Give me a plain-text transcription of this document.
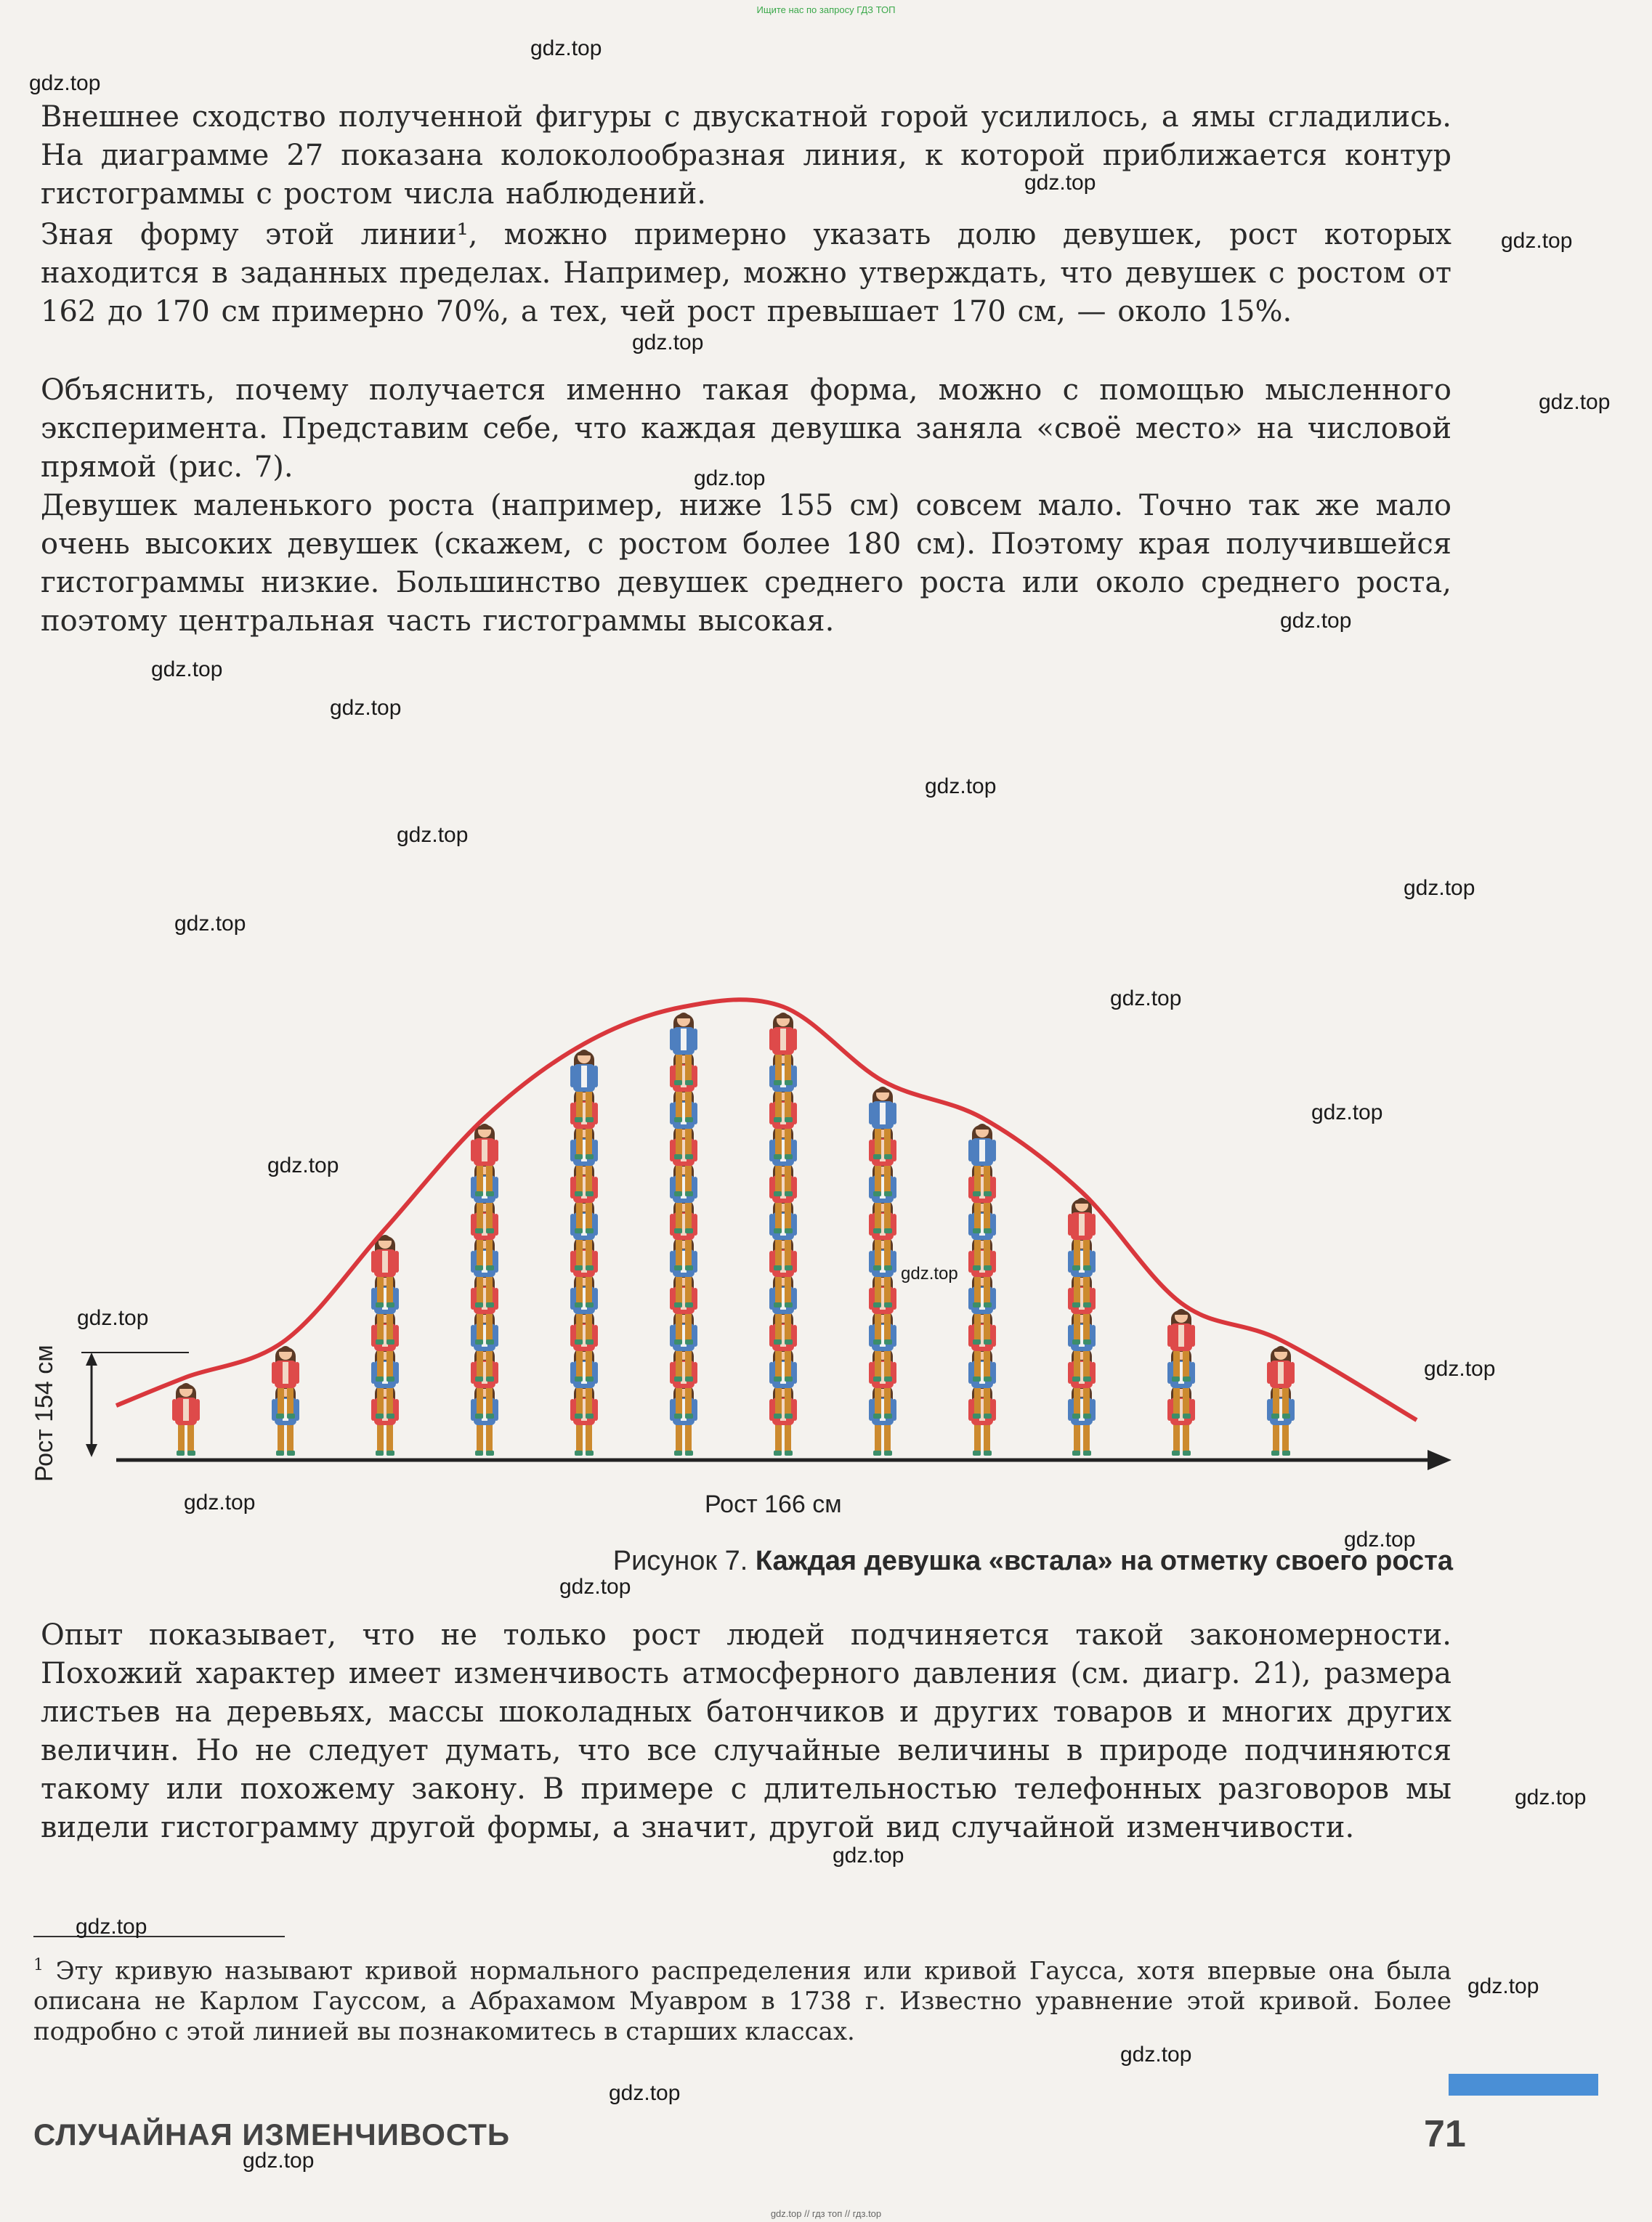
Ищите нас по запросу ГДЗ ТОП

Внешнее сходство полученной фигуры с двускатной горой усилилось, а ямы сгладились. На диаграмме 27 показана колоколообразная линия, к которой приближается контур гистограммы с ростом числа наблюдений.

Зная форму этой линии¹, можно примерно указать долю девушек, рост которых находится в заданных пределах. Например, можно утверждать, что девушек с ростом от 162 до 170 см примерно 70%, а тех, чей рост превышает 170 см, — около 15%.

Объяснить, почему получается именно такая форма, можно с помощью мысленного эксперимента. Представим себе, что каждая девушка заняла «своё место» на числовой прямой (рис. 7).

Девушек маленького роста (например, ниже 155 см) совсем мало. Точно так же мало очень высоких девушек (скажем, с ростом более 180 см). Поэтому края получившейся гистограммы низкие. Большинство девушек среднего роста или около среднего роста, поэтому центральная часть гистограммы высокая.

Рост 154 см
Рост 166 см
Рисунок 7. Каждая девушка «встала» на отметку своего роста

Опыт показывает, что не только рост людей подчиняется такой закономерности. Похожий характер имеет изменчивость атмосферного давления (см. диагр. 21), размера листьев на деревьях, массы шоколадных батончиков и других товаров и многих других величин. Но не следует думать, что все случайные величины в природе подчиняются такому или похожему закону. В примере с длительностью телефонных разговоров мы видели гистограмму другой формы, а значит, другой вид случайной изменчивости.

$^1$ Эту кривую называют кривой нормального распределения или кривой Гаусса, хотя впервые она была описана не Карлом Гауссом, а Абрахамом Муавром в 1738 г. Известно уравнение этой кривой. Более подробно с этой линией вы познакомитесь в старших классах.

СЛУЧАЙНАЯ ИЗМЕНЧИВОСТЬ	71
gdz.top
gdz.top
gdz.top
gdz.top
gdz.top
gdz.top
gdz.top
gdz.top
gdz.top
gdz.top
gdz.top
gdz.top
gdz.top
gdz.top
gdz.top
gdz.top
gdz.top
gdz.top
gdz.top
gdz.top
gdz.top
gdz.top
gdz.top
gdz.top
gdz.top
gdz.top
gdz.top
gdz.top
gdz.top
gdz.top
gdz.top // гдз топ // гдз.top
